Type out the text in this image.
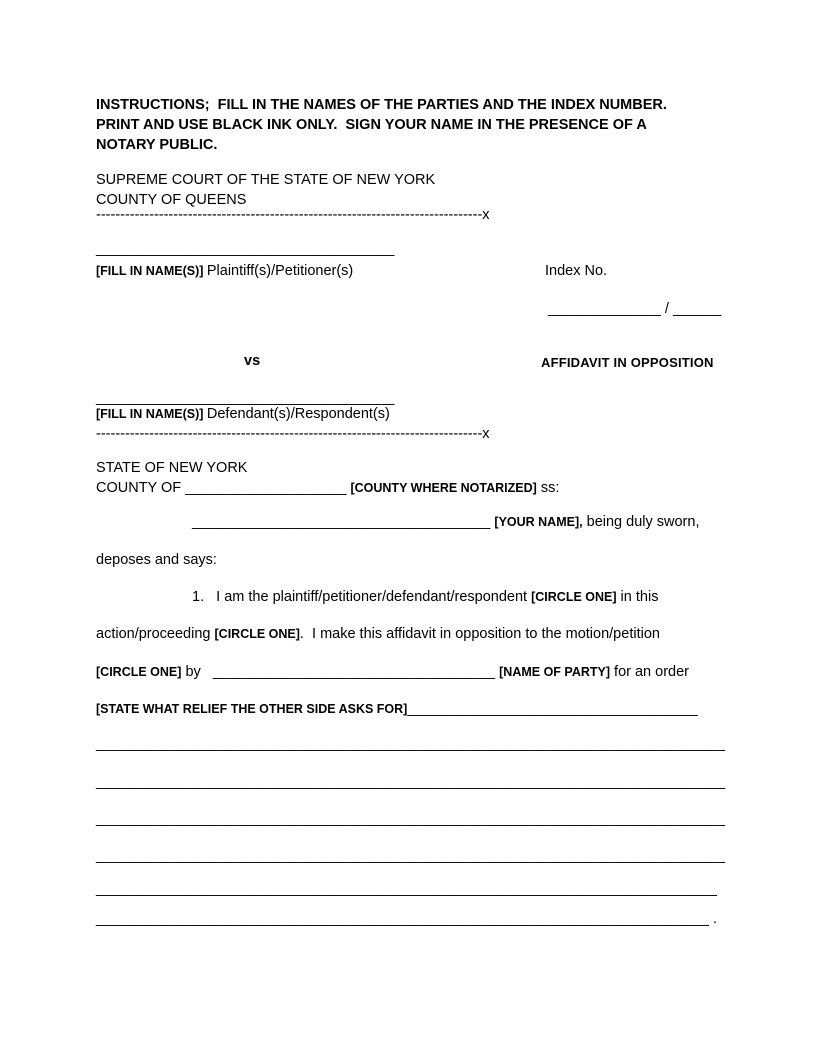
INSTRUCTIONS;  FILL IN THE NAMES OF THE PARTIES AND THE INDEX NUMBER.
PRINT AND USE BLACK INK ONLY.  SIGN YOUR NAME IN THE PRESENCE OF A
NOTARY PUBLIC.
SUPREME COURT OF THE STATE OF NEW YORK
COUNTY OF QUEENS
--------------------------------------------------------------------------------x
_____________________________________
[FILL IN NAME(S)] Plaintiff(s)/Petitioner(s)	Index No.
______________ / ______
vs	AFFIDAVIT IN OPPOSITION
_____________________________________
[FILL IN NAME(S)] Defendant(s)/Respondent(s)
--------------------------------------------------------------------------------x
STATE OF NEW YORK
COUNTY OF ____________________ [COUNTY WHERE NOTARIZED] ss:
_____________________________________ [YOUR NAME], being duly sworn,
deposes and says:
1.   I am the plaintiff/petitioner/defendant/respondent [CIRCLE ONE] in this
action/proceeding [CIRCLE ONE].  I make this affidavit in opposition to the motion/petition
[CIRCLE ONE] by   ___________________________________ [NAME OF PARTY] for an order
[STATE WHAT RELIEF THE OTHER SIDE ASKS FOR]____________________________________
______________________________________________________________________________
______________________________________________________________________________
______________________________________________________________________________
______________________________________________________________________________
_____________________________________________________________________________
____________________________________________________________________________ .
